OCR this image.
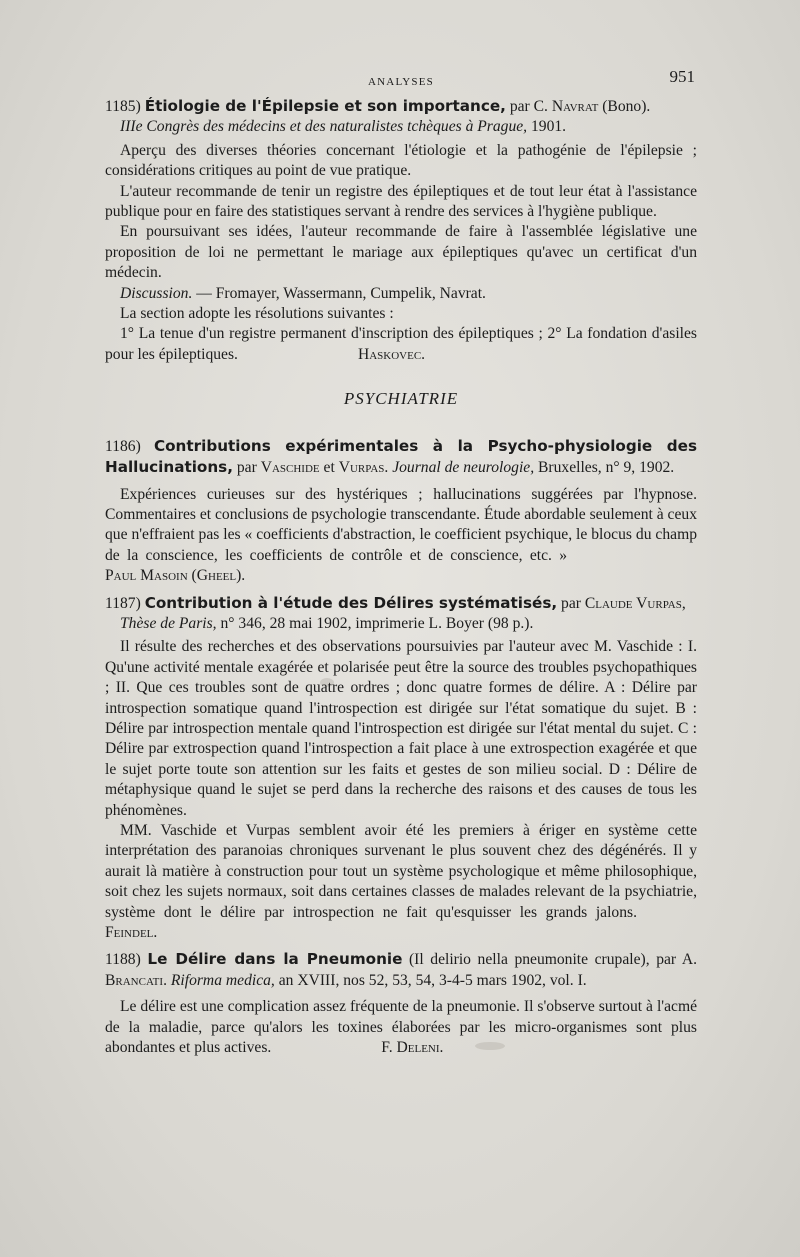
ANALYSES	951

1185) Étiologie de l'Épilepsie et son importance, par C. Navrat (Bono).

IIIe Congrès des médecins et des naturalistes tchèques à Prague, 1901.

Aperçu des diverses théories concernant l'étiologie et la pathogénie de l'épilepsie ; considérations critiques au point de vue pratique.

L'auteur recommande de tenir un registre des épileptiques et de tout leur état à l'assistance publique pour en faire des statistiques servant à rendre des services à l'hygiène publique.

En poursuivant ses idées, l'auteur recommande de faire à l'assemblée législative une proposition de loi ne permettant le mariage aux épileptiques qu'avec un certificat d'un médecin.

Discussion. — Fromayer, Wassermann, Cumpelik, Navrat.

La section adopte les résolutions suivantes :

1° La tenue d'un registre permanent d'inscription des épileptiques ; 2° La fondation d'asiles pour les épileptiques.	Haskovec.

PSYCHIATRIE

1186) Contributions expérimentales à la Psycho-physiologie des Hallucinations, par Vaschide et Vurpas. Journal de neurologie, Bruxelles, n° 9, 1902.

Expériences curieuses sur des hystériques ; hallucinations suggérées par l'hypnose. Commentaires et conclusions de psychologie transcendante. Étude abordable seulement à ceux que n'effraient pas les « coefficients d'abstraction, le coefficient psychique, le blocus du champ de la conscience, les coefficients de contrôle et de conscience, etc. »Paul Masoin (Gheel).

1187) Contribution à l'étude des Délires systématisés, par Claude Vurpas,

Thèse de Paris, n° 346, 28 mai 1902, imprimerie L. Boyer (98 p.).

Il résulte des recherches et des observations poursuivies par l'auteur avec M. Vaschide : I. Qu'une activité mentale exagérée et polarisée peut être la source des troubles psychopathiques ; II. Que ces troubles sont de quatre ordres ; donc quatre formes de délire. A : Délire par introspection somatique quand l'introspection est dirigée sur l'état somatique du sujet. B : Délire par introspection mentale quand l'introspection est dirigée sur l'état mental du sujet. C : Délire par extrospection quand l'introspection a fait place à une extrospection exagérée et que le sujet porte toute son attention sur les faits et gestes de son milieu social. D : Délire de métaphysique quand le sujet se perd dans la recherche des raisons et des causes de tous les phénomènes.

MM. Vaschide et Vurpas semblent avoir été les premiers à ériger en système cette interprétation des paranoias chroniques survenant le plus souvent chez des dégénérés. Il y aurait là matière à construction pour tout un système psychologique et même philosophique, soit chez les sujets normaux, soit dans certaines classes de malades relevant de la psychiatrie, système dont le délire par introspection ne fait qu'esquisser les grands jalons.Feindel.

1188) Le Délire dans la Pneumonie (Il delirio nella pneumonite crupale), par A. Brancati. Riforma medica, an XVIII, nos 52, 53, 54, 3-4-5 mars 1902, vol. I.

Le délire est une complication assez fréquente de la pneumonie. Il s'observe surtout à l'acmé de la maladie, parce qu'alors les toxines élaborées par les micro-organismes sont plus abondantes et plus actives.	F. Deleni.
